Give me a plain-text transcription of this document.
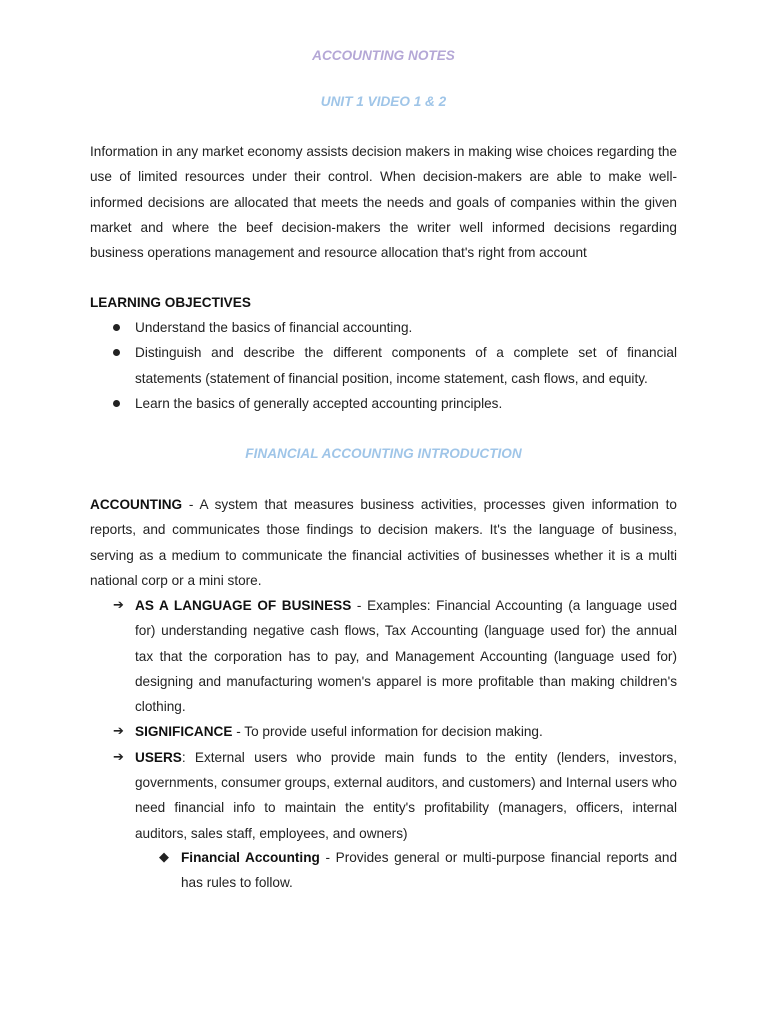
ACCOUNTING NOTES
UNIT 1 VIDEO 1 & 2

Information in any market economy assists decision makers in making wise choices regarding the use of limited resources under their control. When decision-makers are able to make well-informed decisions are allocated that meets the needs and goals of companies within the given market and where the beef decision-makers the writer well informed decisions regarding business operations management and resource allocation that's right from account

LEARNING OBJECTIVES
Understand the basics of financial accounting.
Distinguish and describe the different components of a complete set of financial statements (statement of financial position, income statement, cash flows, and equity.
Learn the basics of generally accepted accounting principles.
FINANCIAL ACCOUNTING INTRODUCTION

ACCOUNTING - A system that measures business activities, processes given information to reports, and communicates those findings to decision makers. It's the language of business, serving as a medium to communicate the financial activities of businesses whether it is a multi national corp or a mini store.

➔ AS A LANGUAGE OF BUSINESS - Examples: Financial Accounting (a language used for) understanding negative cash flows, Tax Accounting (language used for) the annual tax that the corporation has to pay, and Management Accounting (language used for) designing and manufacturing women's apparel is more profitable than making children's clothing.
➔ SIGNIFICANCE - To provide useful information for decision making.
➔ USERS: External users who provide main funds to the entity (lenders, investors, governments, consumer groups, external auditors, and customers) and Internal users who need financial info to maintain the entity's profitability (managers, officers, internal auditors, sales staff, employees, and owners)
◆ Financial Accounting - Provides general or multi-purpose financial reports and has rules to follow.
